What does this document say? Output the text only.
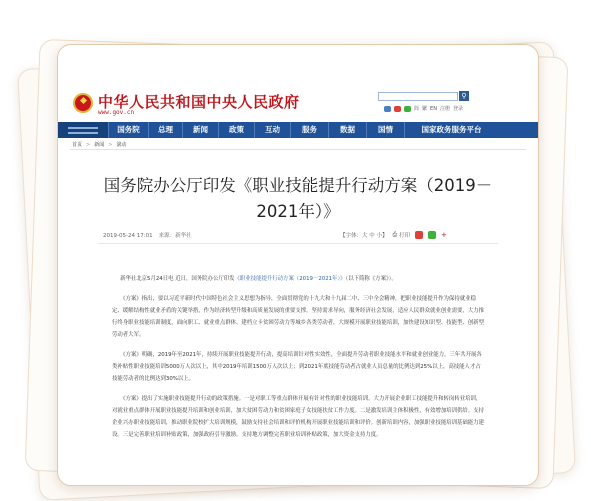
中华人民共和国中央人民政府
www.gov.cn
⚲
简 繁 EN 注册 登录
国务院	总理	新闻	政策	互动	服务	数据	国情	国家政务服务平台
首页 > 新闻 > 滚动
国务院办公厅印发《职业技能提升行动方案（2019－2021年）》
2019-05-24 17:01 来源：新华社	【字体：大 中 小】 ⎙ 打印	+

新华社北京5月24日电 近日，国务院办公厅印发《职业技能提升行动方案（2019－2021年）》（以下简称《方案》）。

《方案》指出，要以习近平新时代中国特色社会主义思想为指导，全面贯彻党的十九大和十九届二中、三中全会精神，把职业技能提升作为保持就业稳定、缓解结构性就业矛盾的关键举措，作为经济转型升级和高质量发展的重要支撑。坚持需求导向，服务经济社会发展，适应人民群众就业创业需要，大力推行终身职业技能培训制度，面向职工、就业重点群体、建档立卡贫困劳动力等城乡各类劳动者，大规模开展职业技能培训，加快建设知识型、技能型、创新型劳动者大军。

《方案》明确，2019年至2021年，持续开展职业技能提升行动，提高培训针对性实效性，全面提升劳动者职业技能水平和就业创业能力。三年共开展各类补贴性职业技能培训5000万人次以上，其中2019年培训1500万人次以上；到2021年底技能劳动者占就业人员总量的比例达到25%以上，高技能人才占技能劳动者的比例达到30%以上。

《方案》提出了实施职业技能提升行动的政策措施。一是对职工等重点群体开展有针对性的职业技能培训。大力开展企业职工技能提升和转岗转业培训，对就业重点群体开展职业技能提升培训和创业培训，加大贫困劳动力和贫困家庭子女技能扶贫工作力度。二是激发培训主体积极性，有效增加培训供给。支持企业兴办职业技能培训，推动职业院校扩大培训规模，鼓励支持社会培训和评价机构开展职业技能培训和评价。创新培训内容，加强职业技能培训基础能力建设。三是完善职业培训补贴政策，加强政府引导激励。支持地方调整完善职业培训补贴政策，加大资金支持力度。
